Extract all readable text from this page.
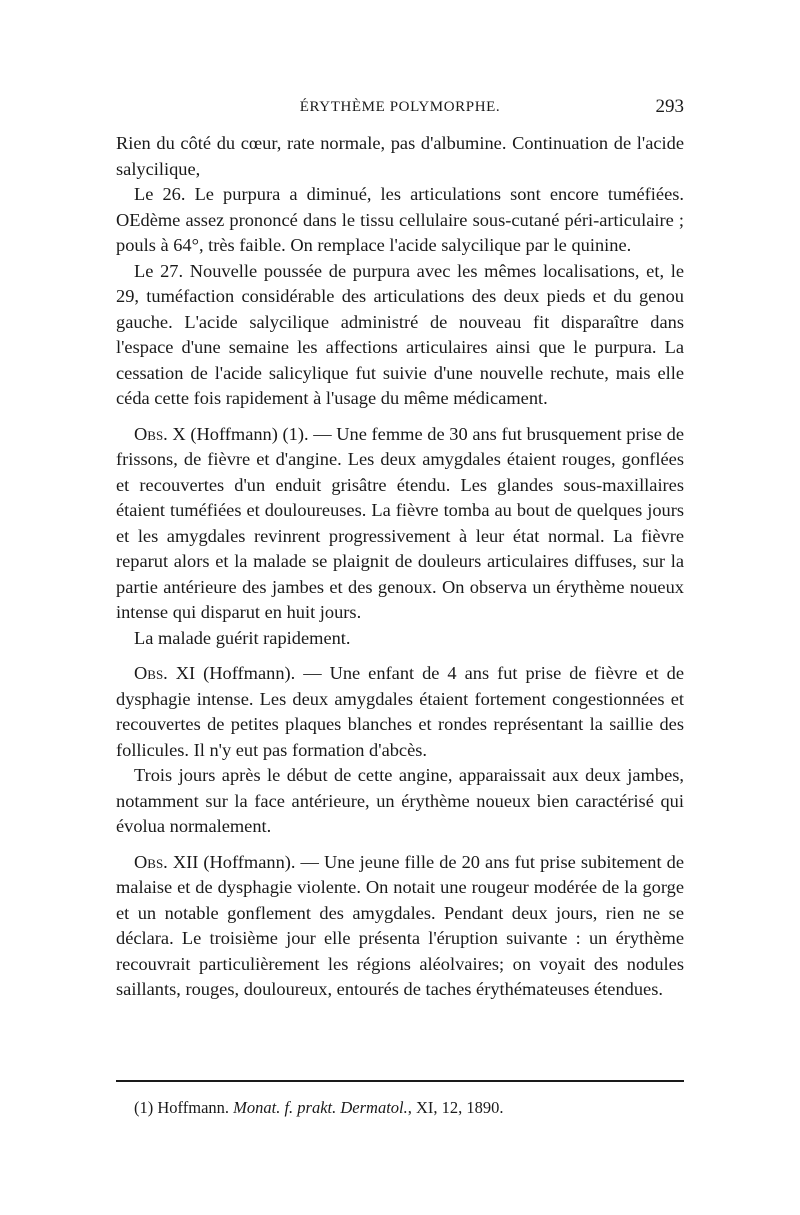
ÉRYTHÈME POLYMORPHE.	293

Rien du côté du cœur, rate normale, pas d'albumine. Continuation de l'acide salycilique,

Le 26. Le purpura a diminué, les articulations sont encore tuméfiées. OEdème assez prononcé dans le tissu cellulaire sous-cutané péri-articulaire ; pouls à 64°, très faible. On remplace l'acide salycilique par le quinine.

Le 27. Nouvelle poussée de purpura avec les mêmes localisations, et, le 29, tuméfaction considérable des articulations des deux pieds et du genou gauche. L'acide salycilique administré de nouveau fit disparaître dans l'espace d'une semaine les affections articulaires ainsi que le purpura. La cessation de l'acide salicylique fut suivie d'une nouvelle rechute, mais elle céda cette fois rapidement à l'usage du même médicament.

Obs. X (Hoffmann) (1). — Une femme de 30 ans fut brusquement prise de frissons, de fièvre et d'angine. Les deux amygdales étaient rouges, gonflées et recouvertes d'un enduit grisâtre étendu. Les glandes sous-maxillaires étaient tuméfiées et douloureuses. La fièvre tomba au bout de quelques jours et les amygdales revinrent progressivement à leur état normal. La fièvre reparut alors et la malade se plaignit de douleurs articulaires diffuses, sur la partie antérieure des jambes et des genoux. On observa un érythème noueux intense qui disparut en huit jours.

La malade guérit rapidement.

Obs. XI (Hoffmann). — Une enfant de 4 ans fut prise de fièvre et de dysphagie intense. Les deux amygdales étaient fortement congestionnées et recouvertes de petites plaques blanches et rondes représentant la saillie des follicules. Il n'y eut pas formation d'abcès.

Trois jours après le début de cette angine, apparaissait aux deux jambes, notamment sur la face antérieure, un érythème noueux bien caractérisé qui évolua normalement.

Obs. XII (Hoffmann). — Une jeune fille de 20 ans fut prise subitement de malaise et de dysphagie violente. On notait une rougeur modérée de la gorge et un notable gonflement des amygdales. Pendant deux jours, rien ne se déclara. Le troisième jour elle présenta l'éruption suivante : un érythème recouvrait particulièrement les régions aléolvaires; on voyait des nodules saillants, rouges, douloureux, entourés de taches érythémateuses étendues.

(1) Hoffmann. Monat. f. prakt. Dermatol., XI, 12, 1890.
